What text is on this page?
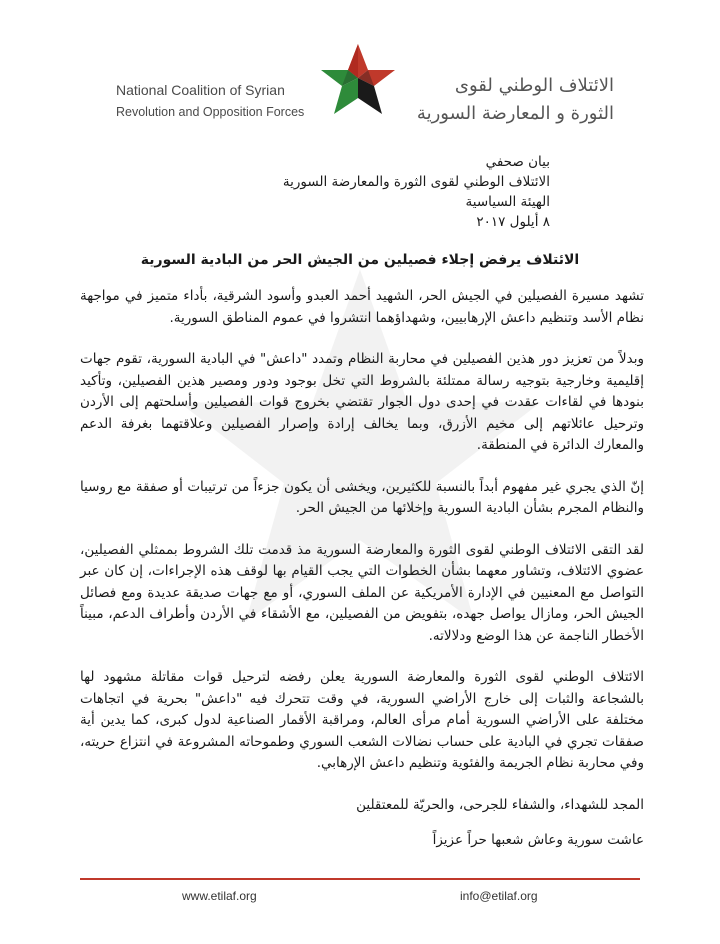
National Coalition of Syrian
Revolution and Opposition Forces
الائتلاف الوطني لقوى
الثورة و المعارضة السورية
بيان صحفي
الائتلاف الوطني لقوى الثورة والمعارضة السورية
الهيئة السياسية
٨ أيلول ٢٠١٧
الائتلاف يرفض إجلاء فصيلين من الجيش الحر من البادية السورية

تشهد مسيرة الفصيلين في الجيش الحر، الشهيد أحمد العبدو وأسود الشرقية، بأداء متميز في مواجهة نظام الأسد وتنظيم داعش الإرهابيين، وشهداؤهما انتشروا في عموم المناطق السورية.

وبدلاً من تعزيز دور هذين الفصيلين في محاربة النظام وتمدد "داعش" في البادية السورية، تقوم جهات إقليمية وخارجية بتوجيه رسالة ممتلئة بالشروط التي تخل بوجود ودور ومصير هذين الفصيلين، وتأكيد بنودها في لقاءات عقدت في إحدى دول الجوار تقتضي بخروج قوات الفصيلين وأسلحتهم إلى الأردن وترحيل عائلاتهم إلى مخيم الأزرق، وبما يخالف إرادة وإصرار الفصيلين وعلاقتهما بغرفة الدعم والمعارك الدائرة في المنطقة.

إنّ الذي يجري غير مفهوم أبداً بالنسبة للكثيرين، ويخشى أن يكون جزءاً من ترتيبات أو صفقة مع روسيا والنظام المجرم بشأن البادية السورية وإخلائها من الجيش الحر.

لقد التقى الائتلاف الوطني لقوى الثورة والمعارضة السورية مذ قدمت تلك الشروط بممثلي الفصيلين، عضوي الائتلاف، وتشاور معهما بشأن الخطوات التي يجب القيام بها لوقف هذه الإجراءات، إن كان عبر التواصل مع المعنيين في الإدارة الأمريكية عن الملف السوري، أو مع جهات صديقة عديدة ومع فصائل الجيش الحر، ومازال يواصل جهده، بتفويض من الفصيلين، مع الأشقاء في الأردن وأطراف الدعم، مبيناً الأخطار الناجمة عن هذا الوضع ودلالاته.

الائتلاف الوطني لقوى الثورة والمعارضة السورية يعلن رفضه لترحيل قوات مقاتلة مشهود لها بالشجاعة والثبات إلى خارج الأراضي السورية، في وقت تتحرك فيه "داعش" بحرية في اتجاهات مختلفة على الأراضي السورية أمام مرأى العالم، ومراقبة الأقمار الصناعية لدول كبرى، كما يدين أية صفقات تجري في البادية على حساب نضالات الشعب السوري وطموحاته المشروعة في انتزاع حريته، وفي محاربة نظام الجريمة والفئوية وتنظيم داعش الإرهابي.

المجد للشهداء، والشفاء للجرحى، والحريّة للمعتقلين

عاشت سورية وعاش شعبها حراً عزيزاً

www.etilaf.org	info@etilaf.org
